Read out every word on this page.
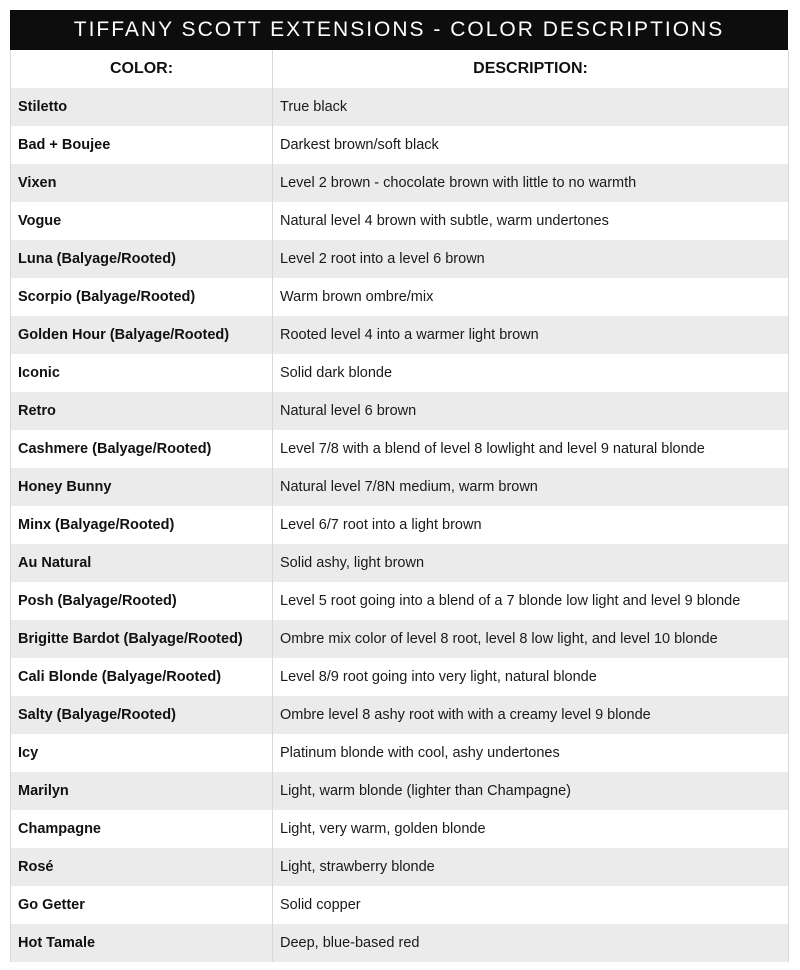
TIFFANY SCOTT EXTENSIONS - COLOR DESCRIPTIONS
COLOR:	DESCRIPTION:
Stiletto	True black
Bad + Boujee	Darkest brown/soft black
Vixen	Level 2 brown - chocolate brown with little to no warmth
Vogue	Natural level 4 brown with subtle, warm undertones
Luna (Balyage/Rooted)	Level 2 root into a level 6 brown
Scorpio (Balyage/Rooted)	Warm brown ombre/mix
Golden Hour (Balyage/Rooted)	Rooted level 4 into a warmer light brown
Iconic	Solid dark blonde
Retro	Natural level 6 brown
Cashmere (Balyage/Rooted)	Level 7/8 with a blend of level 8 lowlight and level 9 natural blonde
Honey Bunny	Natural level 7/8N medium, warm brown
Minx (Balyage/Rooted)	Level 6/7 root into a light brown
Au Natural	Solid ashy, light brown
Posh (Balyage/Rooted)	Level 5 root going into a blend of a 7 blonde low light and level 9 blonde
Brigitte Bardot (Balyage/Rooted)	Ombre mix color of level 8 root, level 8 low light, and level 10 blonde
Cali Blonde (Balyage/Rooted)	Level 8/9 root going into very light, natural blonde
Salty (Balyage/Rooted)	Ombre level 8 ashy root with with a creamy level 9 blonde
Icy	Platinum blonde with cool, ashy undertones
Marilyn	Light, warm blonde (lighter than Champagne)
Champagne	Light, very warm, golden blonde
Rosé	Light, strawberry blonde
Go Getter	Solid copper
Hot Tamale	Deep, blue-based red
